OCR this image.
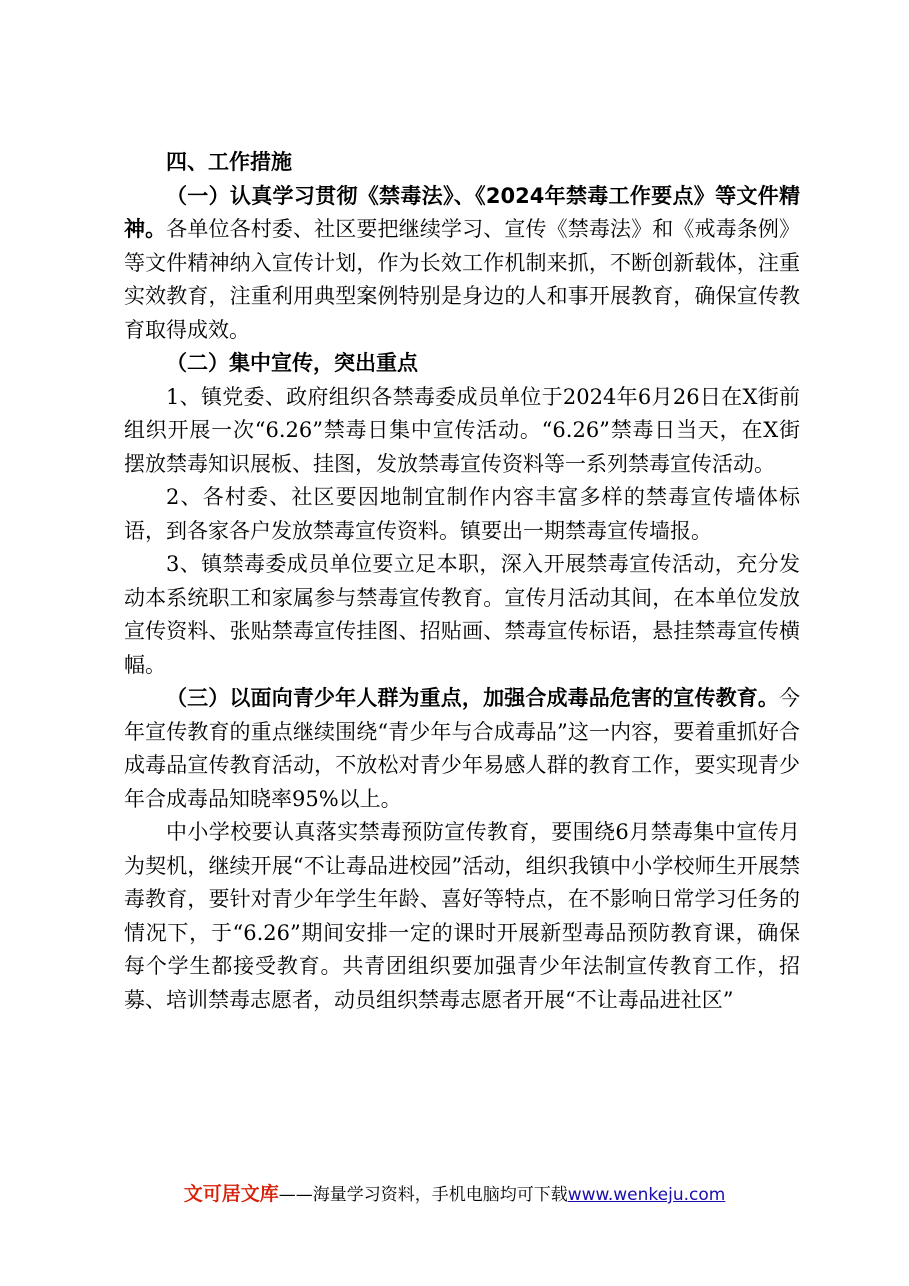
四、工作措施

（一）认真学习贯彻《禁毒法》、《2024年禁毒工作要点》等文件精神。各单位各村委、社区要把继续学习、宣传《禁毒法》和《戒毒条例》等文件精神纳入宣传计划，作为长效工作机制来抓，不断创新载体，注重实效教育，注重利用典型案例特别是身边的人和事开展教育，确保宣传教育取得成效。

（二）集中宣传，突出重点

1、镇党委、政府组织各禁毒委成员单位于2024年6月26日在X街前组织开展一次“6.26”禁毒日集中宣传活动。“6.26”禁毒日当天，在X街摆放禁毒知识展板、挂图，发放禁毒宣传资料等一系列禁毒宣传活动。

2、各村委、社区要因地制宜制作内容丰富多样的禁毒宣传墙体标语，到各家各户发放禁毒宣传资料。镇要出一期禁毒宣传墙报。

3、镇禁毒委成员单位要立足本职，深入开展禁毒宣传活动，充分发动本系统职工和家属参与禁毒宣传教育。宣传月活动其间，在本单位发放宣传资料、张贴禁毒宣传挂图、招贴画、禁毒宣传标语，悬挂禁毒宣传横幅。

（三）以面向青少年人群为重点，加强合成毒品危害的宣传教育。今年宣传教育的重点继续围绕“青少年与合成毒品”这一内容，要着重抓好合成毒品宣传教育活动，不放松对青少年易感人群的教育工作，要实现青少年合成毒品知晓率95%以上。

中小学校要认真落实禁毒预防宣传教育，要围绕6月禁毒集中宣传月为契机，继续开展“不让毒品进校园”活动，组织我镇中小学校师生开展禁毒教育，要针对青少年学生年龄、喜好等特点，在不影响日常学习任务的情况下，于“6.26”期间安排一定的课时开展新型毒品预防教育课，确保每个学生都接受教育。共青团组织要加强青少年法制宣传教育工作，招募、培训禁毒志愿者，动员组织禁毒志愿者开展“不让毒品进社区”

文可居文库——海量学习资料，手机电脑均可下载www.wenkeju.com
